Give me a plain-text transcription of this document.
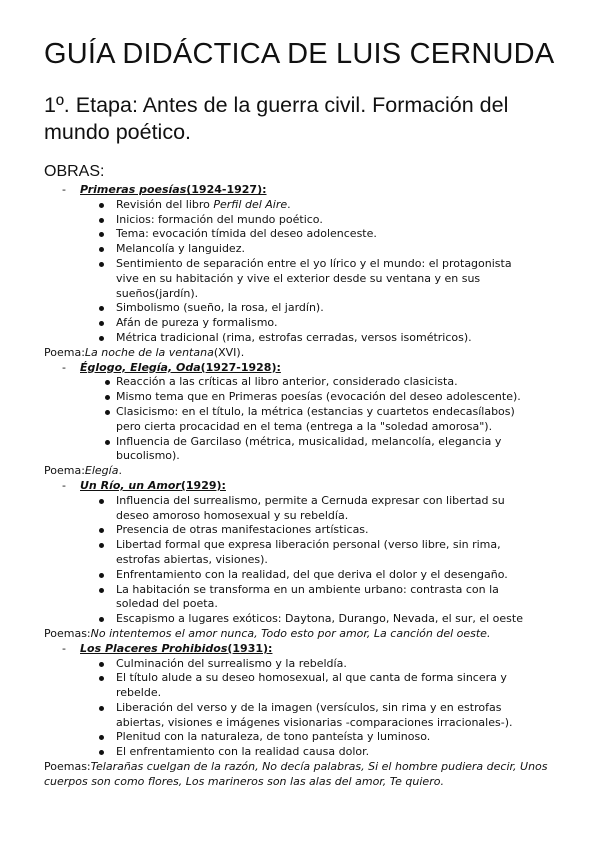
GUÍA DIDÁCTICA DE LUIS CERNUDA
1º. Etapa: Antes de la guerra civil. Formación del mundo poético.
OBRAS:
- Primeras poesías(1924-1927):
Revisión del libro Perfil del Aire.
Inicios: formación del mundo poético.
Tema: evocación tímida del deseo adolenceste.
Melancolía y languidez.
Sentimiento de separación entre el yo lírico y el mundo: el protagonista vive en su habitación y vive el exterior desde su ventana y en sus sueños(jardín).
Simbolismo (sueño, la rosa, el jardín).
Afán de pureza y formalismo.
Métrica tradicional (rima, estrofas cerradas, versos isométricos).
Poema:La noche de la ventana(XVI).
- Églogo, Elegía, Oda(1927-1928):
Reacción a las críticas al libro anterior, considerado clasicista.
Mismo tema que en Primeras poesías (evocación del deseo adolescente).
Clasicismo: en el título, la métrica (estancias y cuartetos endecasílabos) pero cierta procacidad en el tema (entrega a la "soledad amorosa").
Influencia de Garcilaso (métrica, musicalidad, melancolía, elegancia y bucolismo).
Poema:Elegía.
- Un Río, un Amor(1929):
Influencia del surrealismo, permite a Cernuda expresar con libertad su deseo amoroso homosexual y su rebeldía.
Presencia de otras manifestaciones artísticas.
Libertad formal que expresa liberación personal (verso libre, sin rima, estrofas abiertas, visiones).
Enfrentamiento con la realidad, del que deriva el dolor y el desengaño.
La habitación se transforma en un ambiente urbano: contrasta con la soledad del poeta.
Escapismo a lugares exóticos: Daytona, Durango, Nevada, el sur, el oeste
Poemas:No intentemos el amor nunca, Todo esto por amor, La canción del oeste.
- Los Placeres Prohibidos(1931):
Culminación del surrealismo y la rebeldía.
El título alude a su deseo homosexual, al que canta de forma sincera y rebelde.
Liberación del verso y de la imagen (versículos, sin rima y en estrofas abiertas, visiones e imágenes visionarias -comparaciones irracionales-).
Plenitud con la naturaleza, de tono panteísta y luminoso.
El enfrentamiento con la realidad causa dolor.
Poemas:Telarañas cuelgan de la razón, No decía palabras, Si el hombre pudiera decir, Unos cuerpos son como flores, Los marineros son las alas del amor, Te quiero.
